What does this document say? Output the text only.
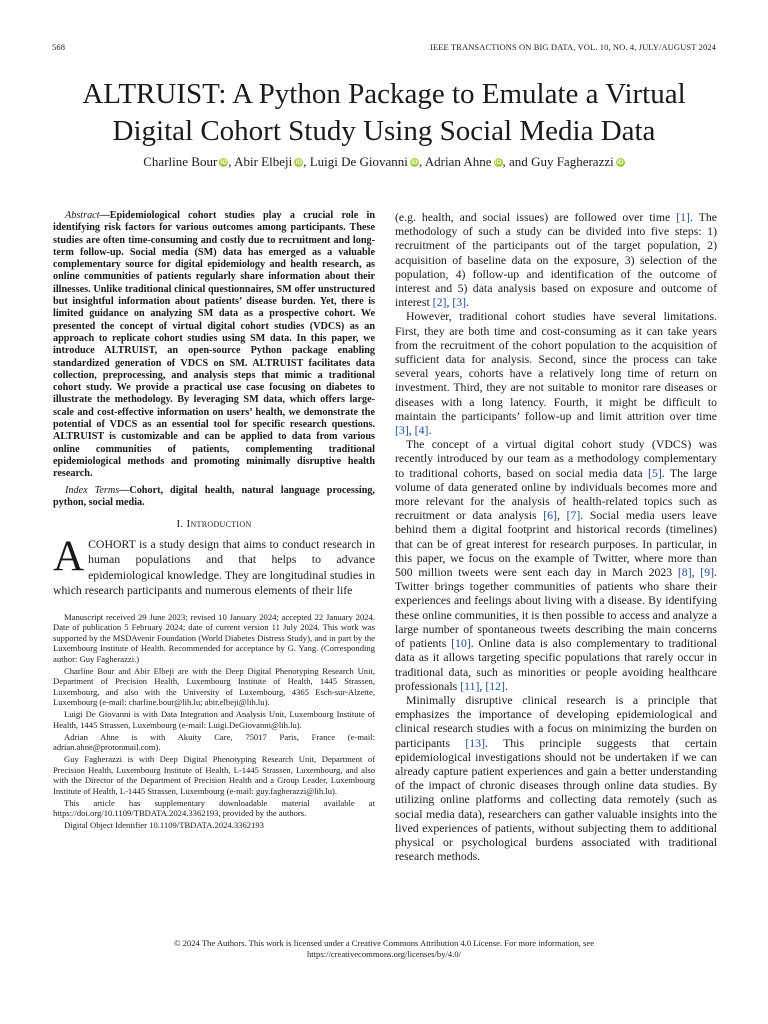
568	IEEE TRANSACTIONS ON BIG DATA, VOL. 10, NO. 4, JULY/AUGUST 2024
ALTRUIST: A Python Package to Emulate a Virtual
Digital Cohort Study Using Social Media Data
Charline Bour iD, Abir Elbeji iD, Luigi De Giovanni iD, Adrian Ahne iD, and Guy Fagherazzi iD

Abstract—Epidemiological cohort studies play a crucial role in identifying risk factors for various outcomes among participants. These studies are often time-consuming and costly due to recruitment and long-term follow-up. Social media (SM) data has emerged as a valuable complementary source for digital epidemiology and health research, as online communities of patients regularly share information about their illnesses. Unlike traditional clinical questionnaires, SM offer unstructured but insightful information about patients’ disease burden. Yet, there is limited guidance on analyzing SM data as a prospective cohort. We presented the concept of virtual digital cohort studies (VDCS) as an approach to replicate cohort studies using SM data. In this paper, we introduce ALTRUIST, an open-source Python package enabling standardized generation of VDCS on SM. ALTRUIST facilitates data collection, preprocessing, and analysis steps that mimic a traditional cohort study. We provide a practical use case focusing on diabetes to illustrate the methodology. By leveraging SM data, which offers large-scale and cost-effective information on users’ health, we demonstrate the potential of VDCS as an essential tool for specific research questions. ALTRUIST is customizable and can be applied to data from various online communities of patients, complementing traditional epidemiological methods and promoting minimally disruptive health research.

Index Terms—Cohort, digital health, natural language processing, python, social media.

I. Introduction

A COHORT is a study design that aims to conduct research in human populations and that helps to advance epidemiological knowledge. They are longitudinal studies in which research participants and numerous elements of their life

Manuscript received 29 June 2023; revised 10 January 2024; accepted 22 January 2024. Date of publication 5 February 2024; date of current version 11 July 2024. This work was supported by the MSDAvenir Foundation (World Diabetes Distress Study), and in part by the Luxembourg Institute of Health. Recommended for acceptance by G. Yang. (Corresponding author: Guy Fagherazzi.)

Charline Bour and Abir Elbeji are with the Deep Digital Phenotyping Research Unit, Department of Precision Health, Luxembourg Institute of Health, 1445 Strassen, Luxembourg, and also with the University of Luxembourg, 4365 Esch-sur-Alzette, Luxembourg (e-mail: charline.bour@lih.lu; abir.elbeji@lih.lu).

Luigi De Giovanni is with Data Integration and Analysis Unit, Luxembourg Institute of Health, 1445 Strassen, Luxembourg (e-mail: Luigi.DeGiovanni@lih.lu).

Adrian Ahne is with Akuity Care, 75017 Paris, France (e-mail: adrian.ahne@protonmail.com).

Guy Fagherazzi is with Deep Digital Phenotyping Research Unit, Department of Precision Health, Luxembourg Institute of Health, L-1445 Strassen, Luxembourg, and also with the Director of the Department of Precision Health and a Group Leader, Luxembourg Institute of Health, L-1445 Strassen, Luxembourg (e-mail: guy.fagherazzi@lih.lu).

This article has supplementary downloadable material available at https://doi.org/10.1109/TBDATA.2024.3362193, provided by the authors.

Digital Object Identifier 10.1109/TBDATA.2024.3362193

(e.g. health, and social issues) are followed over time [1]. The methodology of such a study can be divided into five steps: 1) recruitment of the participants out of the target population, 2) acquisition of baseline data on the exposure, 3) selection of the population, 4) follow-up and identification of the outcome of interest and 5) data analysis based on exposure and outcome of interest [2], [3].

However, traditional cohort studies have several limitations. First, they are both time and cost-consuming as it can take years from the recruitment of the cohort population to the acquisition of sufficient data for analysis. Second, since the process can take several years, cohorts have a relatively long time of return on investment. Third, they are not suitable to monitor rare diseases or diseases with a long latency. Fourth, it might be difficult to maintain the participants’ follow-up and limit attrition over time [3], [4].

The concept of a virtual digital cohort study (VDCS) was recently introduced by our team as a methodology complementary to traditional cohorts, based on social media data [5]. The large volume of data generated online by individuals becomes more and more relevant for the analysis of health-related topics such as recruitment or data analysis [6], [7]. Social media users leave behind them a digital footprint and historical records (timelines) that can be of great interest for research purposes. In particular, in this paper, we focus on the example of Twitter, where more than 500 million tweets were sent each day in March 2023 [8], [9]. Twitter brings together communities of patients who share their experiences and feelings about living with a disease. By identifying these online communities, it is then possible to access and analyze a large number of spontaneous tweets describing the main concerns of patients [10]. Online data is also complementary to traditional data as it allows targeting specific populations that rarely occur in traditional data, such as minorities or people avoiding healthcare professionals [11], [12].

Minimally disruptive clinical research is a principle that emphasizes the importance of developing epidemiological and clinical research studies with a focus on minimizing the burden on participants [13]. This principle suggests that certain epidemiological investigations should not be undertaken if we can already capture patient experiences and gain a better understanding of the impact of chronic diseases through online data studies. By utilizing online platforms and collecting data remotely (such as social media data), researchers can gather valuable insights into the lived experiences of patients, without subjecting them to additional physical or psychological burdens associated with traditional research methods.

© 2024 The Authors. This work is licensed under a Creative Commons Attribution 4.0 License. For more information, see
https://creativecommons.org/licenses/by/4.0/
